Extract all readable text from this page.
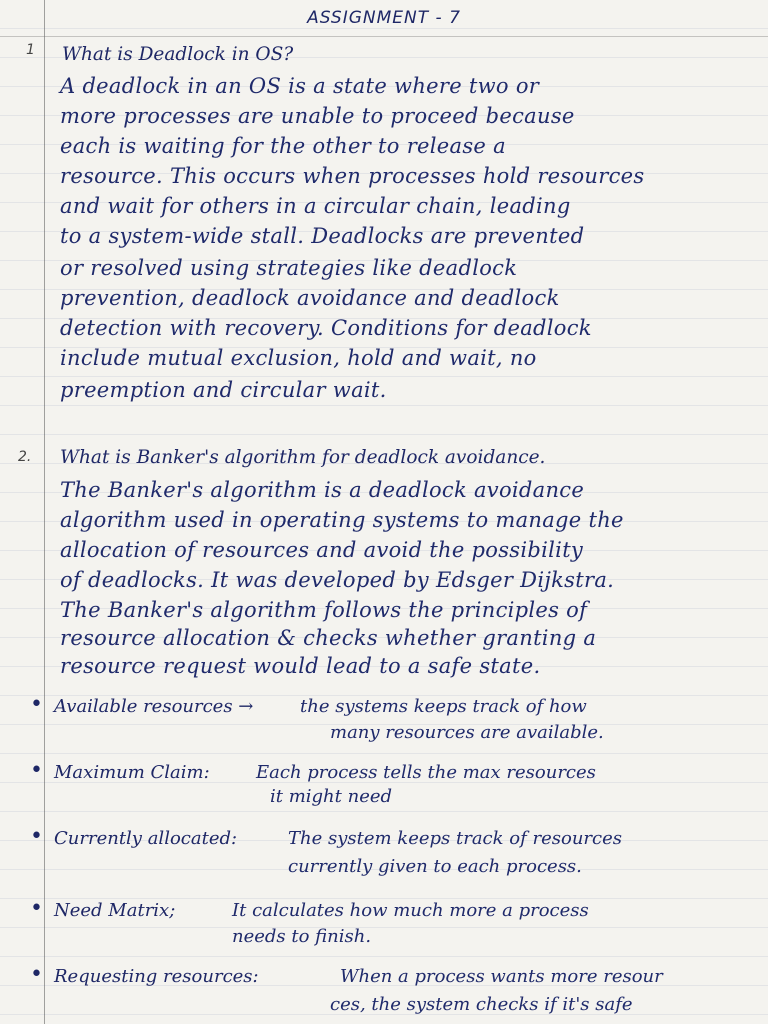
ASSIGNMENT - 7
1 What is Deadlock in OS?
A deadlock in an OS is a state where two or
more processes are unable to proceed because
each is waiting for the other to release a
resource. This occurs when processes hold resources
and wait for others in a circular chain, leading
to a system-wide stall. Deadlocks are prevented
or resolved using strategies like deadlock
prevention, deadlock avoidance and deadlock
detection with recovery. Conditions for deadlock
include mutual exclusion, hold and wait, no
preemption and circular wait.
2. What is Banker's algorithm for deadlock avoidance.
The Banker's algorithm is a deadlock avoidance
algorithm used in operating systems to manage the
allocation of resources and avoid the possibility
of deadlocks. It was developed by Edsger Dijkstra.
The Banker's algorithm follows the principles of
resource allocation & checks whether granting a
resource request would lead to a safe state.
• Available resources →	the systems keeps track of how
many resources are available.
• Maximum Claim:	Each process tells the max resources
it might need
• Currently allocated:	The system keeps track of resources
currently given to each process.
• Need Matrix;	It calculates how much more a process
needs to finish.
• Requesting resources:	When a process wants more resour
ces, the system checks if it's safe
